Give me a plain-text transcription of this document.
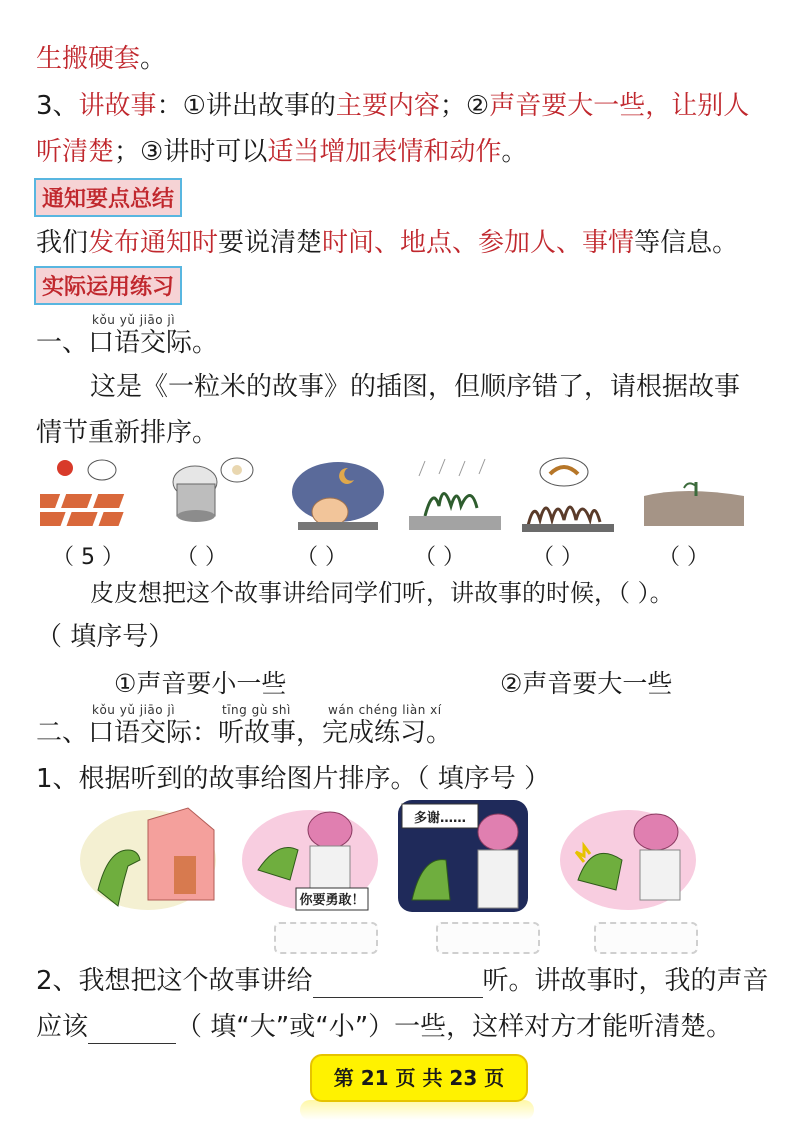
生搬硬套。
3、讲故事：①讲出故事的主要内容；②声音要大一些，让别人
听清楚；③讲时可以适当增加表情和动作。
通知要点总结
我们发布通知时要说清楚时间、地点、参加人、事情等信息。
实际运用练习
kǒu yǔ jiāo jì
一、口语交际。
这是《一粒米的故事》的插图，但顺序错了，请根据故事
情节重新排序。
（ 5 ） （ ）	（ ）	（ ）	（ ）	（ ）
皮皮想把这个故事讲给同学们听，讲故事的时候，（ ）。
（ 填序号）
①声音要小一些	②声音要大一些
kǒu yǔ jiāo jì	tīng gù shì	wán chéng liàn xí
二、口语交际：听故事，完成练习。
1、根据听到的故事给图片排序。（ 填序号 ）
你要勇敢！
多谢……
2、我想把这个故事讲给	听。讲故事时，我的声音
应该	（ 填“大”或“小”）一些，这样对方才能听清楚。
第 21 页 共 23 页
